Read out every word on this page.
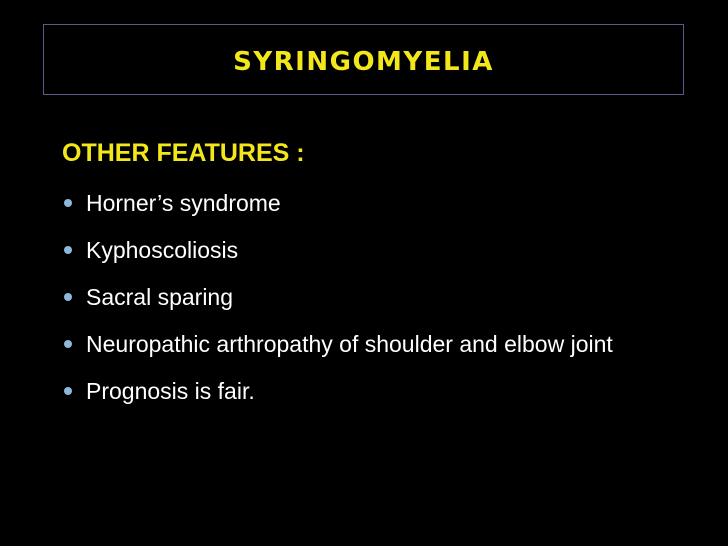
SYRINGOMYELIA
OTHER FEATURES :
Horner’s syndrome
Kyphoscoliosis
Sacral sparing
Neuropathic arthropathy of shoulder and elbow joint
Prognosis is fair.
